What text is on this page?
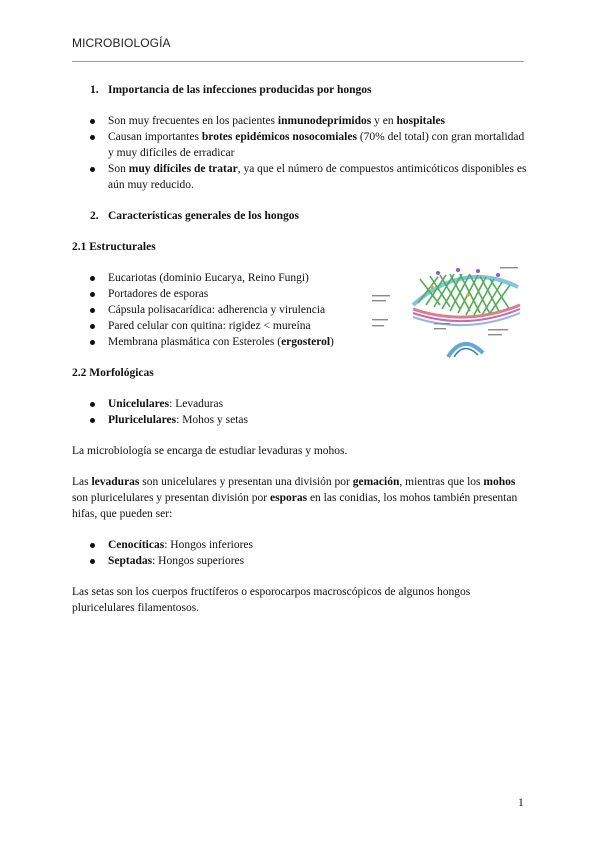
MICROBIOLOGÍA
1. Importancia de las infecciones producidas por hongos
Son muy frecuentes en los pacientes inmunodeprimidos y en hospitales
Causan importantes brotes epidémicos nosocomiales (70% del total) con gran mortalidad y muy difíciles de erradicar
Son muy difíciles de tratar, ya que el número de compuestos antimicóticos disponibles es aún muy reducido.
2. Características generales de los hongos
2.1 Estructurales
Eucariotas (dominio Eucarya, Reino Fungi)
Portadores de esporas
Cápsula polisacarídica: adherencia y virulencia
Pared celular con quitina: rigidez < mureína
Membrana plasmática con Esteroles (ergosterol)
2.2 Morfológicas
Unicelulares: Levaduras
Pluricelulares: Mohos y setas

La microbiología se encarga de estudiar levaduras y mohos.

Las levaduras son unicelulares y presentan una división por gemación, mientras que los mohos son pluricelulares y presentan división por esporas en las conidias, los mohos también presentan hifas, que pueden ser:

Cenocíticas: Hongos inferiores
Septadas: Hongos superiores

Las setas son los cuerpos fructíferos o esporocarpos macroscópicos de algunos hongos pluricelulares filamentosos.

1
